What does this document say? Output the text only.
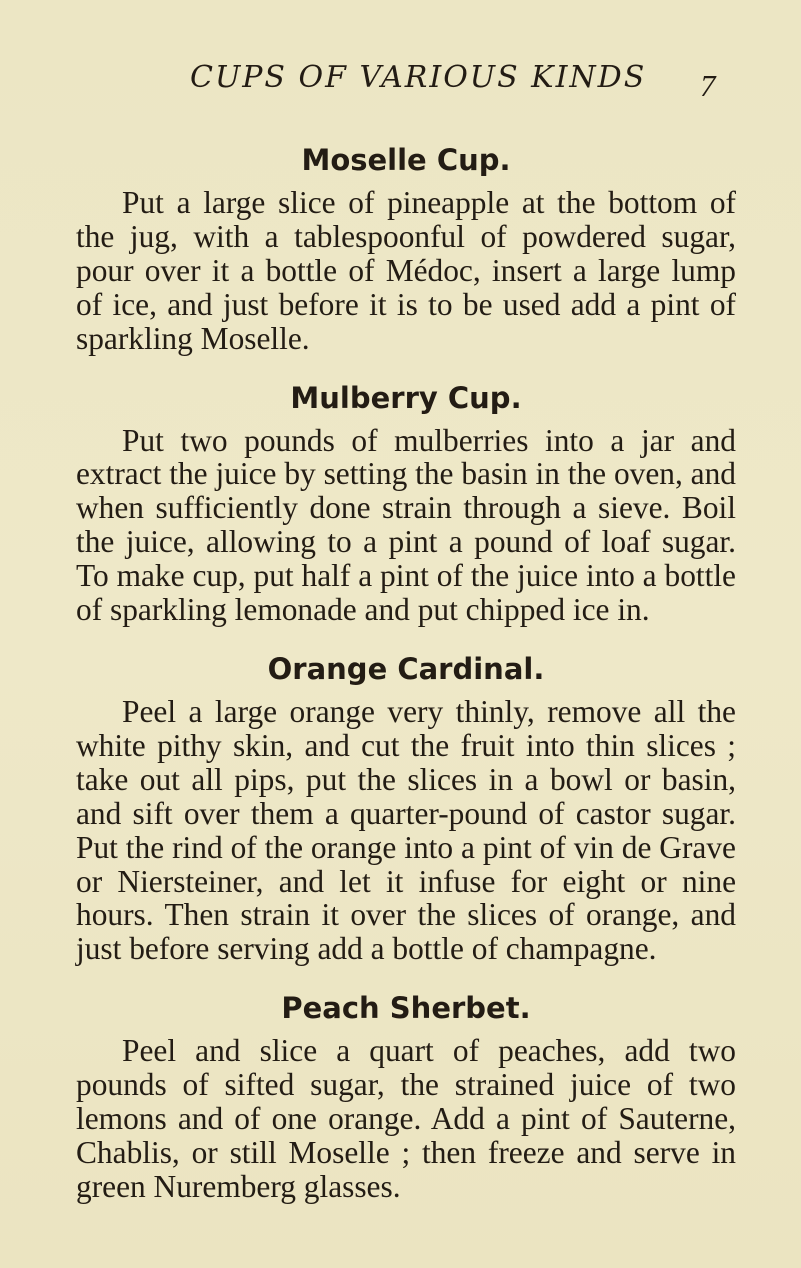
CUPS OF VARIOUS KINDS 7
Moselle Cup.

Put a large slice of pineapple at the bottom of the jug, with a tablespoonful of powdered sugar, pour over it a bottle of Médoc, insert a large lump of ice, and just before it is to be used add a pint of sparkling Moselle.

Mulberry Cup.

Put two pounds of mulberries into a jar and extract the juice by setting the basin in the oven, and when sufficiently done strain through a sieve. Boil the juice, allowing to a pint a pound of loaf sugar. To make cup, put half a pint of the juice into a bottle of sparkling lemonade and put chipped ice in.

Orange Cardinal.

Peel a large orange very thinly, remove all the white pithy skin, and cut the fruit into thin slices ; take out all pips, put the slices in a bowl or basin, and sift over them a quarter-pound of castor sugar. Put the rind of the orange into a pint of vin de Grave or Niersteiner, and let it infuse for eight or nine hours. Then strain it over the slices of orange, and just before serving add a bottle of champagne.

Peach Sherbet.

Peel and slice a quart of peaches, add two pounds of sifted sugar, the strained juice of two lemons and of one orange. Add a pint of Sauterne, Chablis, or still Moselle ; then freeze and serve in green Nuremberg glasses.
